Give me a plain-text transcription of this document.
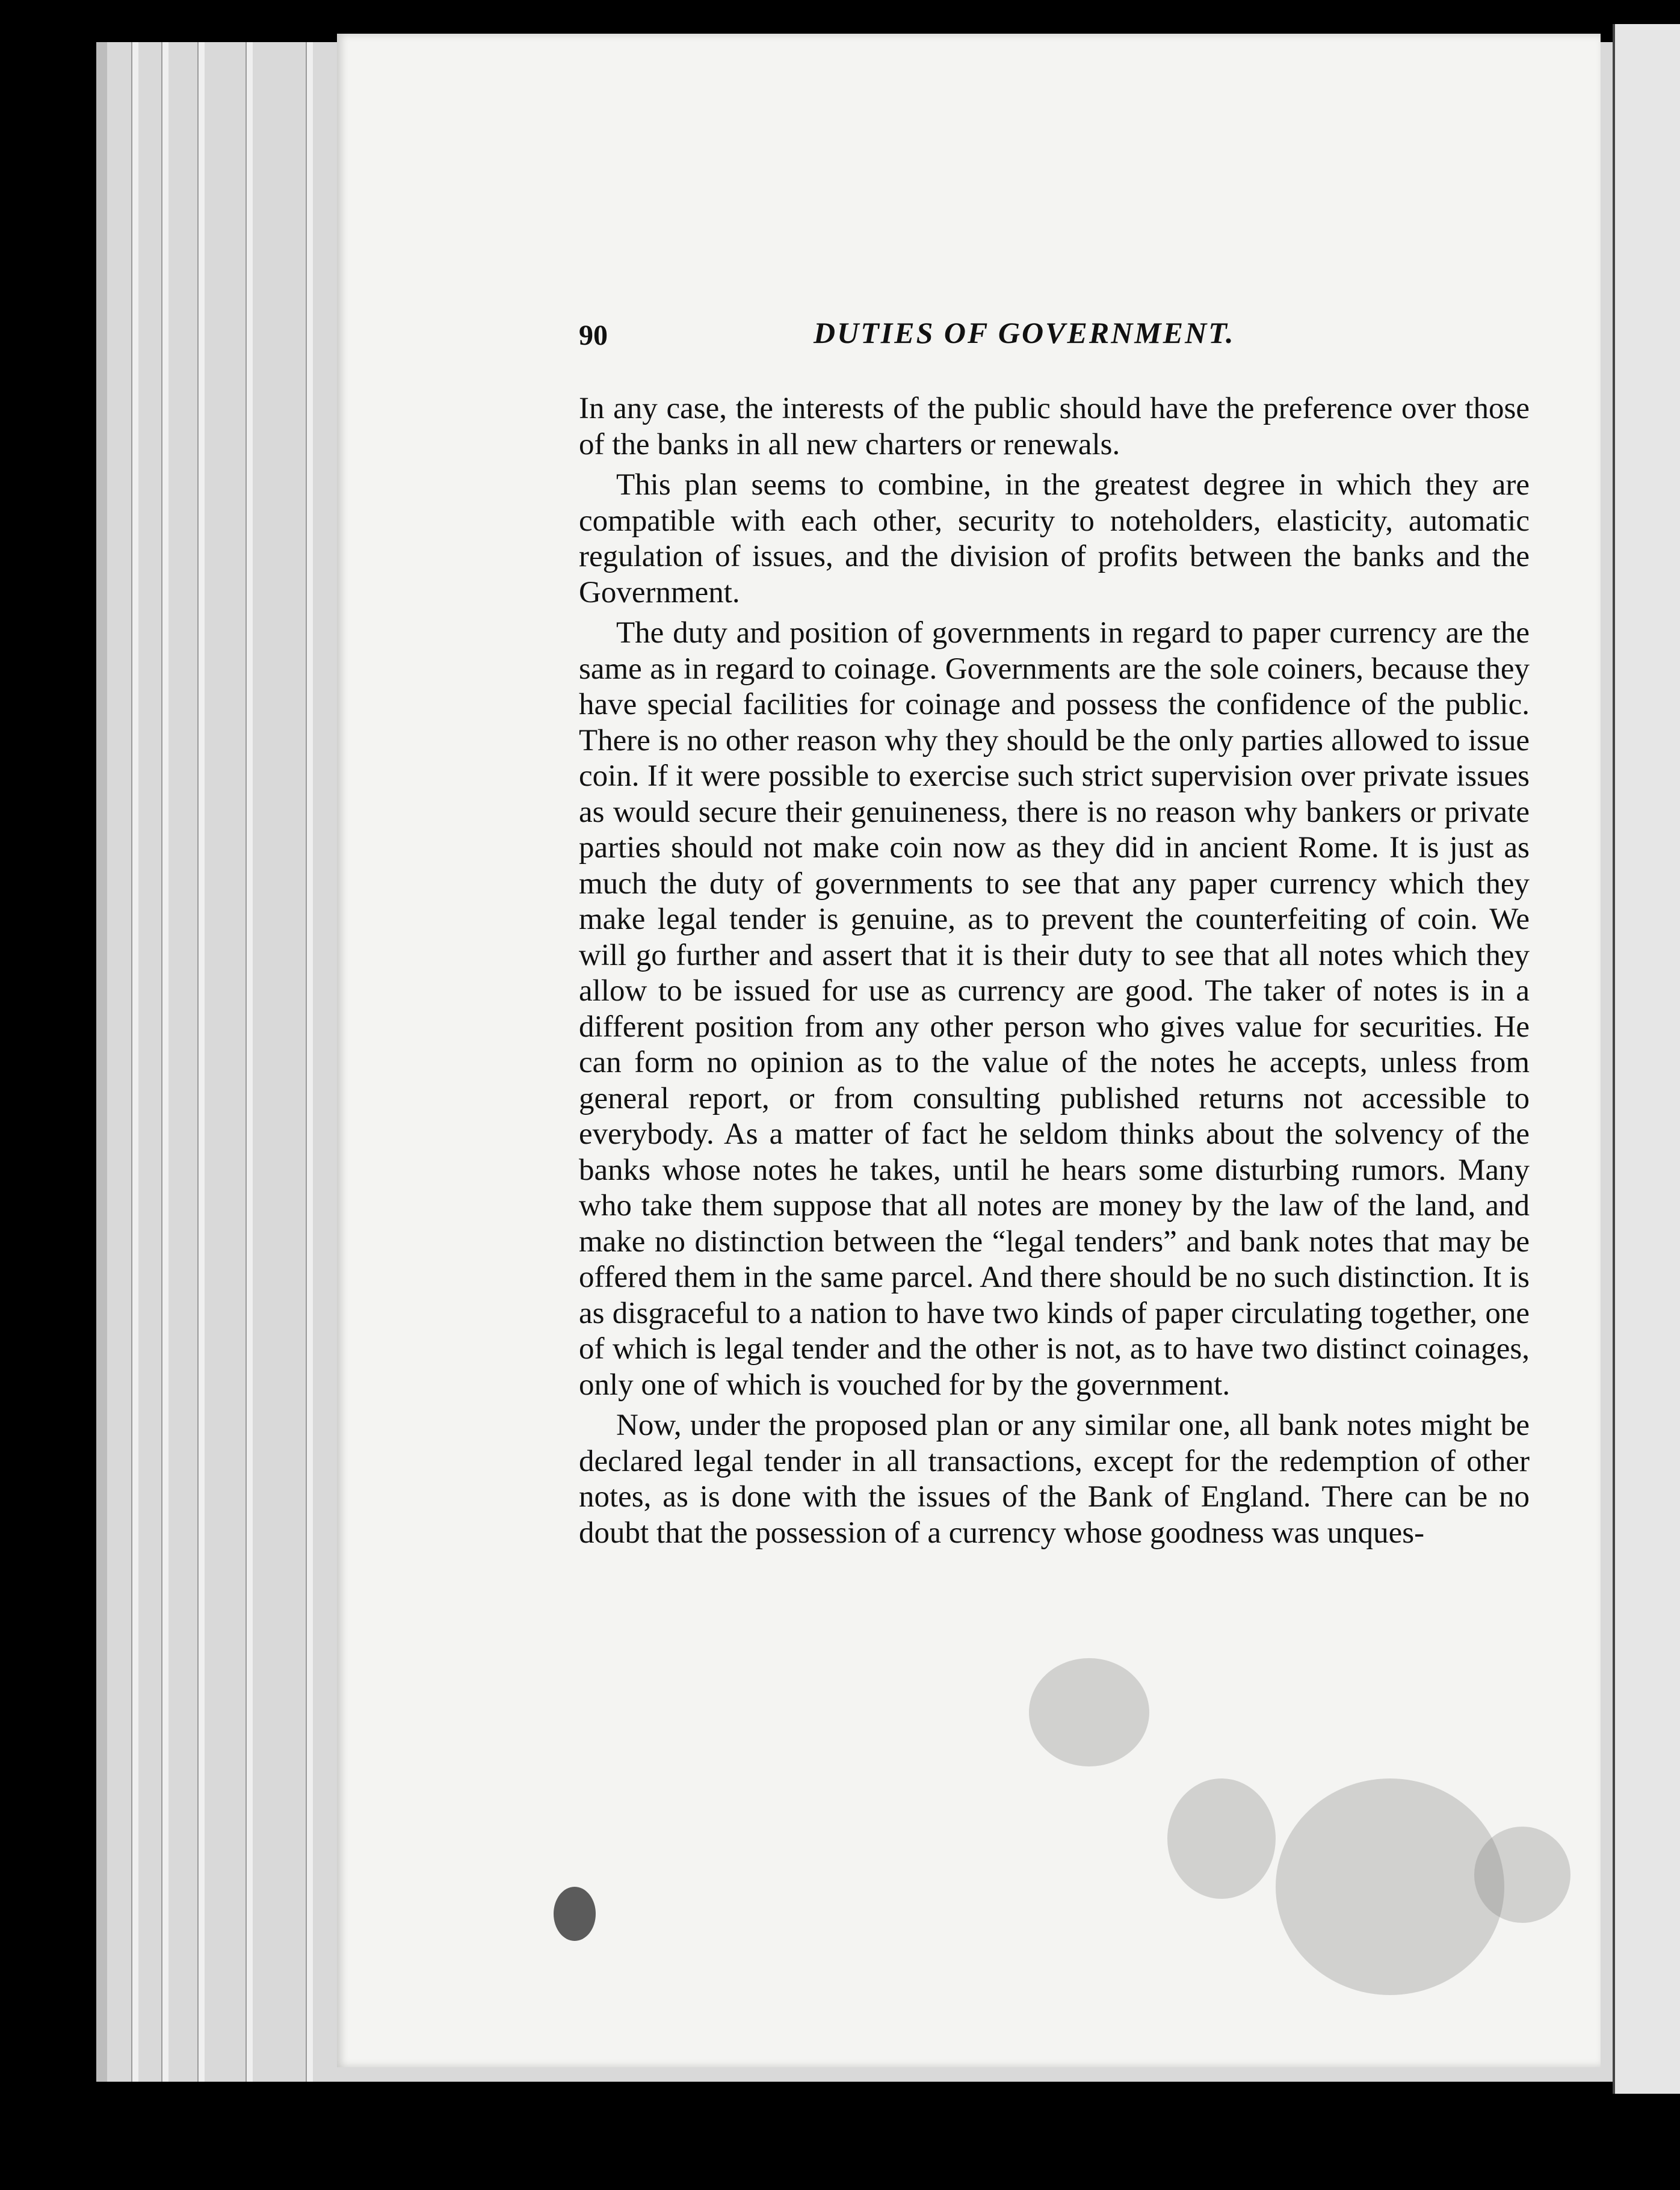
90	DUTIES OF GOVERNMENT.

In any case, the interests of the public should have the preference over those of the banks in all new charters or renewals.

This plan seems to combine, in the greatest degree in which they are compatible with each other, security to noteholders, elasticity, automatic regulation of issues, and the division of profits between the banks and the Government.

The duty and position of governments in regard to paper currency are the same as in regard to coinage. Governments are the sole coiners, because they have special facilities for coinage and possess the confidence of the public. There is no other reason why they should be the only parties allowed to issue coin. If it were possible to exercise such strict supervision over private issues as would secure their genuineness, there is no reason why bankers or private parties should not make coin now as they did in ancient Rome. It is just as much the duty of governments to see that any paper currency which they make legal tender is genuine, as to prevent the counterfeiting of coin. We will go further and assert that it is their duty to see that all notes which they allow to be issued for use as currency are good. The taker of notes is in a different position from any other person who gives value for securities. He can form no opinion as to the value of the notes he accepts, unless from general report, or from consulting published returns not accessible to everybody. As a matter of fact he seldom thinks about the solvency of the banks whose notes he takes, until he hears some disturbing rumors. Many who take them suppose that all notes are money by the law of the land, and make no distinction between the “legal tenders” and bank notes that may be offered them in the same parcel. And there should be no such distinction. It is as disgraceful to a nation to have two kinds of paper circulating together, one of which is legal tender and the other is not, as to have two distinct coinages, only one of which is vouched for by the government.

Now, under the proposed plan or any similar one, all bank notes might be declared legal tender in all transactions, except for the redemption of other notes, as is done with the issues of the Bank of England. There can be no doubt that the possession of a currency whose goodness was unques-
